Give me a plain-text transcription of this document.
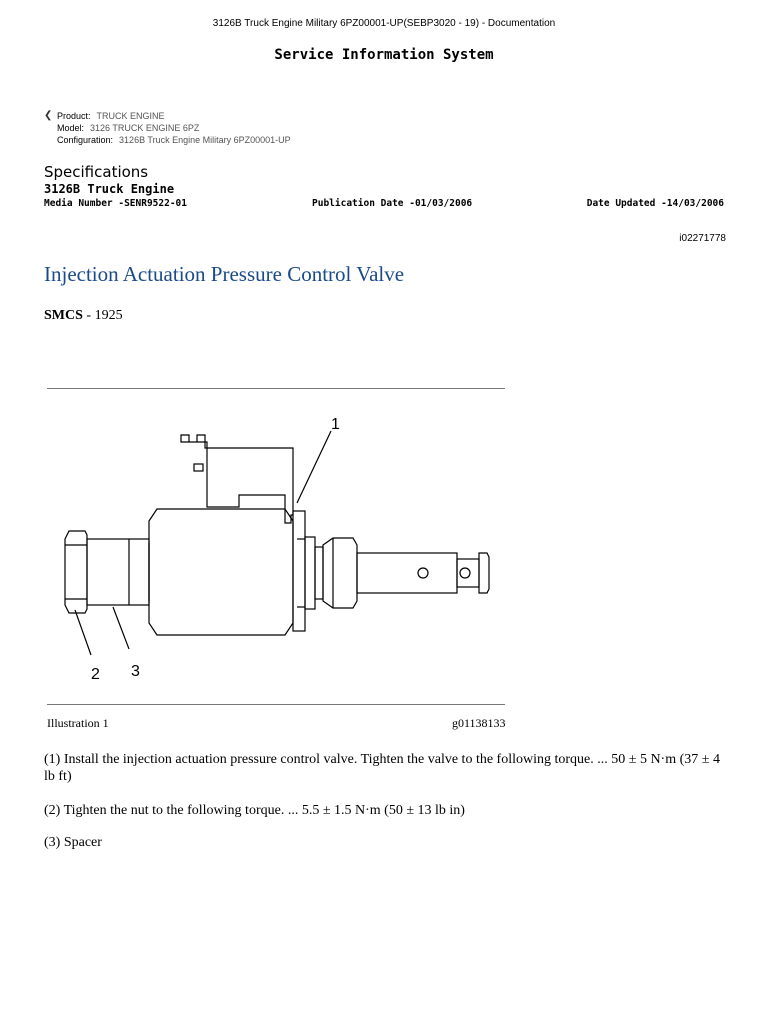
3126B Truck Engine Military 6PZ00001-UP(SEBP3020 - 19) - Documentation
Service Information System
❮ Product: TRUCK ENGINE
Model: 3126 TRUCK ENGINE 6PZ
Configuration: 3126B Truck Engine Military 6PZ00001-UP
Specifications
3126B Truck Engine
Media Number -SENR9522-01	Publication Date -01/03/2006	Date Updated -14/03/2006
i02271778
Injection Actuation Pressure Control Valve
SMCS - 1925
1
2 3
Illustration 1	g01138133
(1) Install the injection actuation pressure control valve. Tighten the valve to the following torque. ... 50 ± 5 N·m (37 ± 4 lb ft)
(2) Tighten the nut to the following torque. ... 5.5 ± 1.5 N·m (50 ± 13 lb in)
(3) Spacer
